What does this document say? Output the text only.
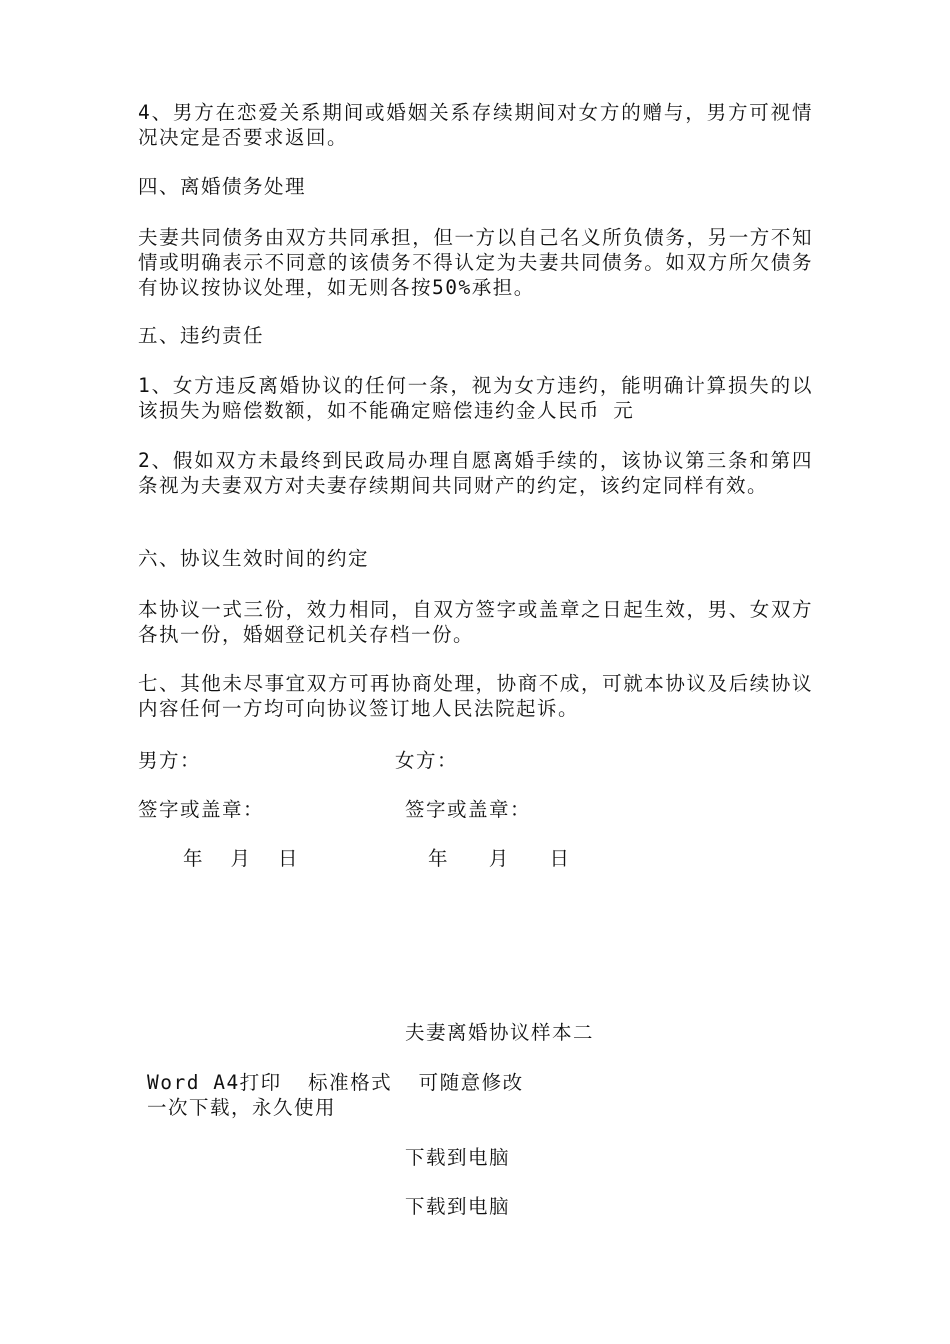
4、男方在恋爱关系期间或婚姻关系存续期间对女方的赠与，男方可视情况决定是否要求返回。

四、离婚债务处理

夫妻共同债务由双方共同承担，但一方以自己名义所负债务，另一方不知情或明确表示不同意的该债务不得认定为夫妻共同债务。如双方所欠债务有协议按协议处理，如无则各按50%承担。

五、违约责任

1、女方违反离婚协议的任何一条，视为女方违约，能明确计算损失的以该损失为赔偿数额，如不能确定赔偿违约金人民币 元

2、假如双方未最终到民政局办理自愿离婚手续的，该协议第三条和第四条视为夫妻双方对夫妻存续期间共同财产的约定，该约定同样有效。

六、协议生效时间的约定

本协议一式三份，效力相同，自双方签字或盖章之日起生效，男、女双方各执一份，婚姻登记机关存档一份。

七、其他未尽事宜双方可再协商处理，协商不成，可就本协议及后续协议内容任何一方均可向协议签订地人民法院起诉。

男方：	女方：
签字或盖章：	签字或盖章：
年  月  日	年   月   日
夫妻离婚协议样本二
Word A4打印  标准格式  可随意修改
一次下载，永久使用
下载到电脑
下载到电脑
